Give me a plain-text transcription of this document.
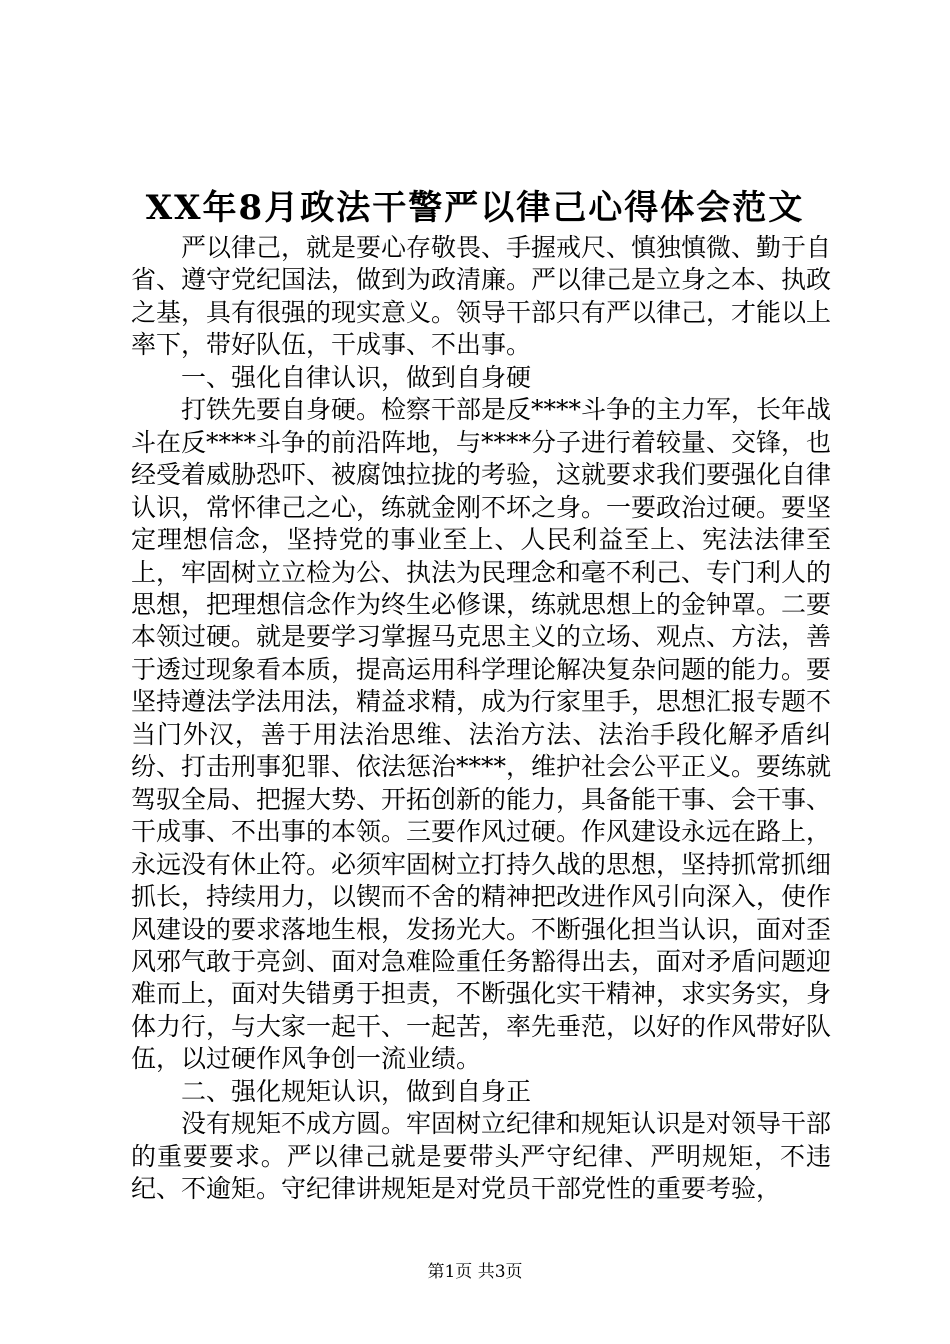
XX年8月政法干警严以律己心得体会范文

严以律己，就是要心存敬畏、手握戒尺、慎独慎微、勤于自省、遵守党纪国法，做到为政清廉。严以律己是立身之本、执政之基，具有很强的现实意义。领导干部只有严以律己，才能以上率下，带好队伍，干成事、不出事。

一、强化自律认识，做到自身硬

打铁先要自身硬。检察干部是反****斗争的主力军，长年战斗在反****斗争的前沿阵地，与****分子进行着较量、交锋，也经受着威胁恐吓、被腐蚀拉拢的考验，这就要求我们要强化自律认识，常怀律己之心，练就金刚不坏之身。一要政治过硬。要坚定理想信念，坚持党的事业至上、人民利益至上、宪法法律至上，牢固树立立检为公、执法为民理念和毫不利己、专门利人的思想，把理想信念作为终生必修课，练就思想上的金钟罩。二要本领过硬。就是要学习掌握马克思主义的立场、观点、方法，善于透过现象看本质，提高运用科学理论解决复杂问题的能力。要坚持遵法学法用法，精益求精，成为行家里手，思想汇报专题不当门外汉，善于用法治思维、法治方法、法治手段化解矛盾纠纷、打击刑事犯罪、依法惩治****，维护社会公平正义。要练就驾驭全局、把握大势、开拓创新的能力，具备能干事、会干事、干成事、不出事的本领。三要作风过硬。作风建设永远在路上，永远没有休止符。必须牢固树立打持久战的思想，坚持抓常抓细抓长，持续用力，以锲而不舍的精神把改进作风引向深入，使作风建设的要求落地生根，发扬光大。不断强化担当认识，面对歪风邪气敢于亮剑、面对急难险重任务豁得出去，面对矛盾问题迎难而上，面对失错勇于担责，不断强化实干精神，求实务实，身体力行，与大家一起干、一起苦，率先垂范，以好的作风带好队伍，以过硬作风争创一流业绩。

二、强化规矩认识，做到自身正

没有规矩不成方圆。牢固树立纪律和规矩认识是对领导干部的重要要求。严以律己就是要带头严守纪律、严明规矩，不违纪、不逾矩。守纪律讲规矩是对党员干部党性的重要考验，

第1页 共3页
